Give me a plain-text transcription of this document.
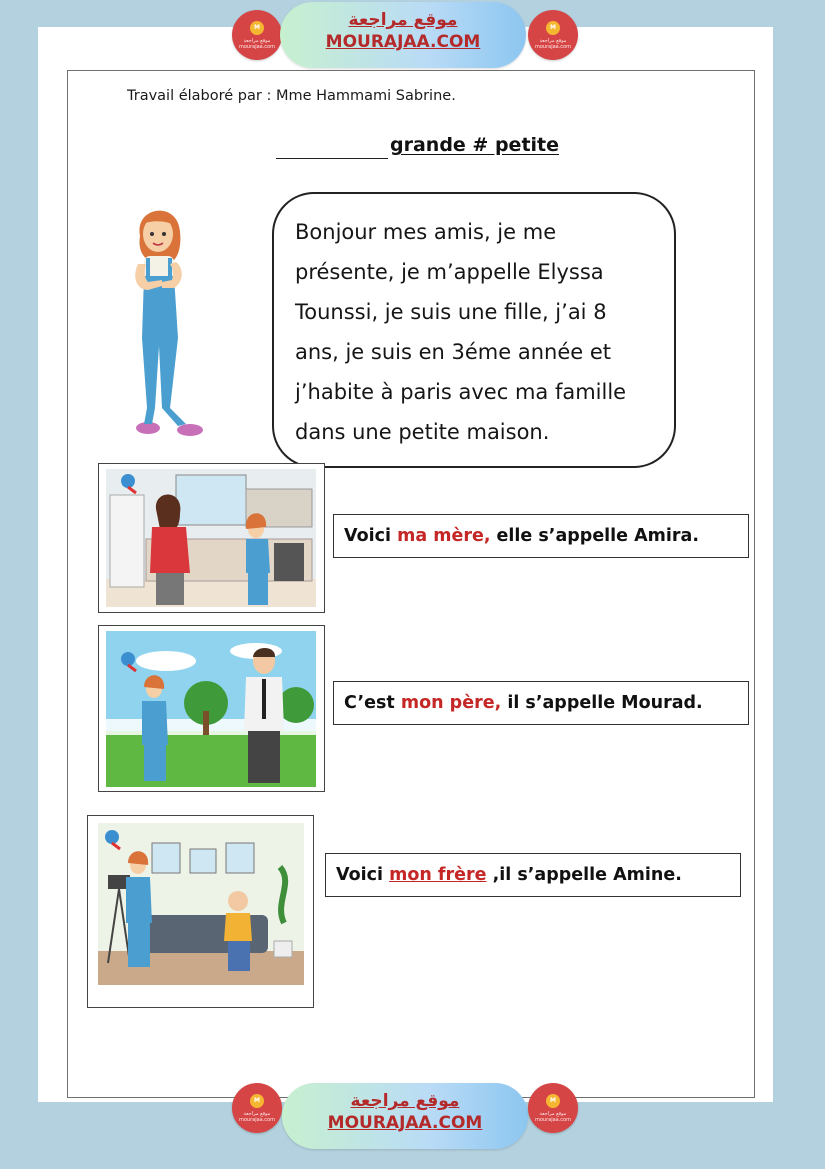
M
موقع مراجعة mourajaa.com
موقع مراجعة
MOURAJAA.COM
M
موقع مراجعة mourajaa.com
Travail élaboré par : Mme Hammami Sabrine.
grande # petite
Bonjour mes amis, je me
présente, je m’appelle Elyssa
Tounssi, je suis une fille, j’ai 8
ans, je suis en 3éme année et
j’habite à paris avec ma famille
dans une petite maison.
Voici ma mère, elle s’appelle Amira.
C’est mon père, il s’appelle Mourad.
Voici mon frère ,il s’appelle Amine.
M
موقع مراجعة mourajaa.com
موقع مراجعة
MOURAJAA.COM
M
موقع مراجعة mourajaa.com
